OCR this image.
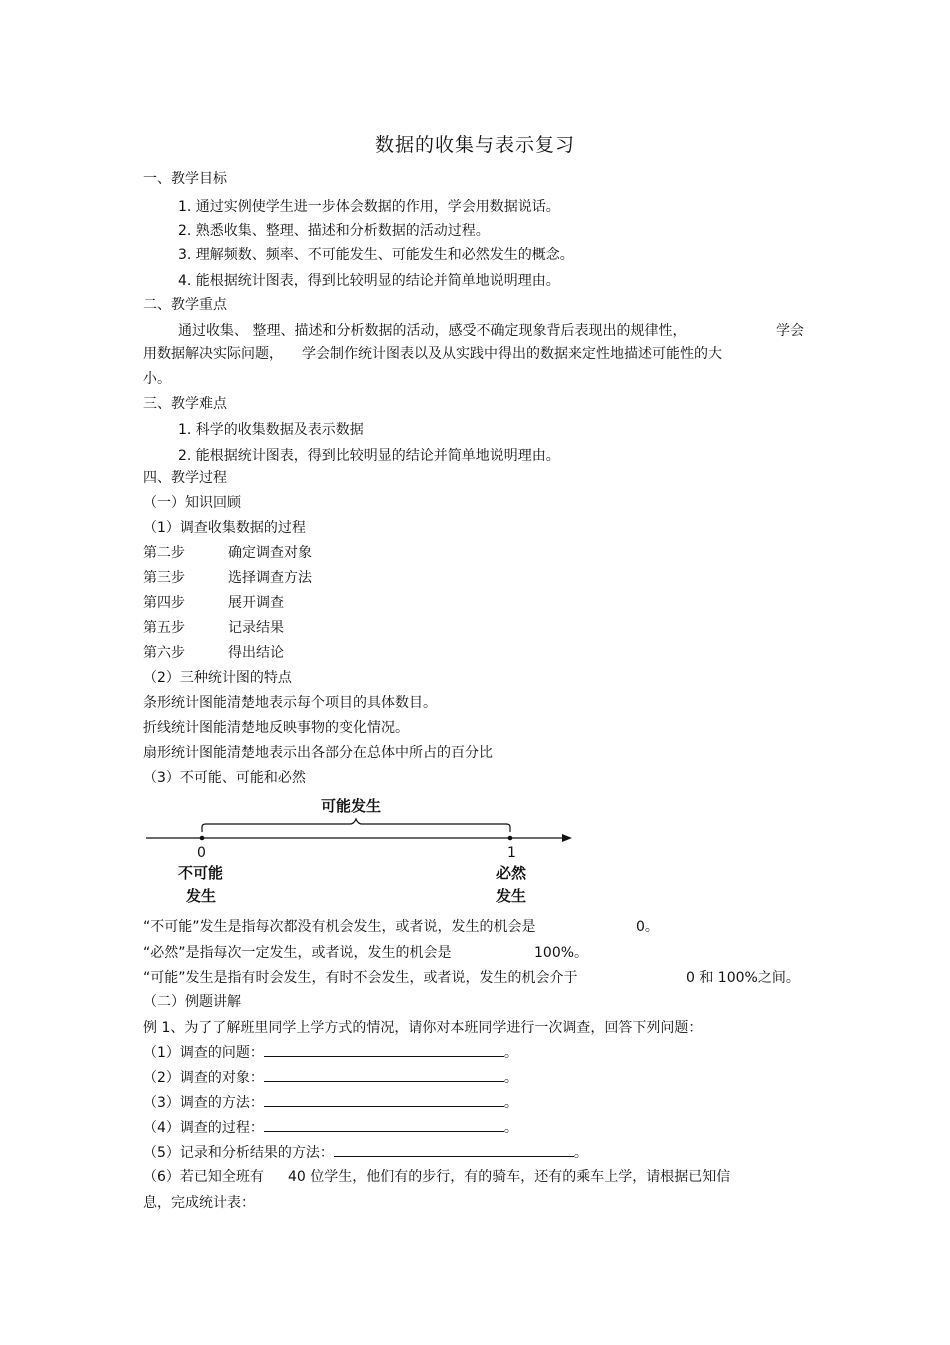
数据的收集与表示复习
一、教学目标
1. 通过实例使学生进一步体会数据的作用，学会用数据说话。
2. 熟悉收集、整理、描述和分析数据的活动过程。
3. 理解频数、频率、不可能发生、可能发生和必然发生的概念。
4. 能根据统计图表，得到比较明显的结论并简单地说明理由。
二、教学重点
通过收集、 整理、描述和分析数据的活动，感受不确定现象背后表现出的规律性，	学会
用数据解决实际问题， 学会制作统计图表以及从实践中得出的数据来定性地描述可能性的大
小。
三、教学难点
1. 科学的收集数据及表示数据
2. 能根据统计图表，得到比较明显的结论并简单地说明理由。
四、教学过程
（一）知识回顾
（1）调查收集数据的过程
第二步	确定调查对象
第三步	选择调查方法
第四步	展开调查
第五步	记录结果
第六步	得出结论
（2）三种统计图的特点
条形统计图能清楚地表示每个项目的具体数目。
折线统计图能清楚地反映事物的变化情况。
扇形统计图能清楚地表示出各部分在总体中所占的百分比
（3）不可能、可能和必然
可能发生
0	1
不可能
发生
必然
发生
“不可能”发生是指每次都没有机会发生，或者说，发生的机会是	0。
“必然”是指每次一定发生，或者说，发生的机会是	100%。
“可能”发生是指有时会发生，有时不会发生，或者说，发生的机会介于	0 和 100%之间。
（二）例题讲解
例 1、为了了解班里同学上学方式的情况，请你对本班同学进行一次调查，回答下列问题：
（1）调查的问题：	。
（2）调查的对象：	。
（3）调查的方法：	。
（4）调查的过程：	。
（5）记录和分析结果的方法：	。
（6）若已知全班有 40 位学生，他们有的步行，有的骑车，还有的乘车上学，请根据已知信
息，完成统计表：
